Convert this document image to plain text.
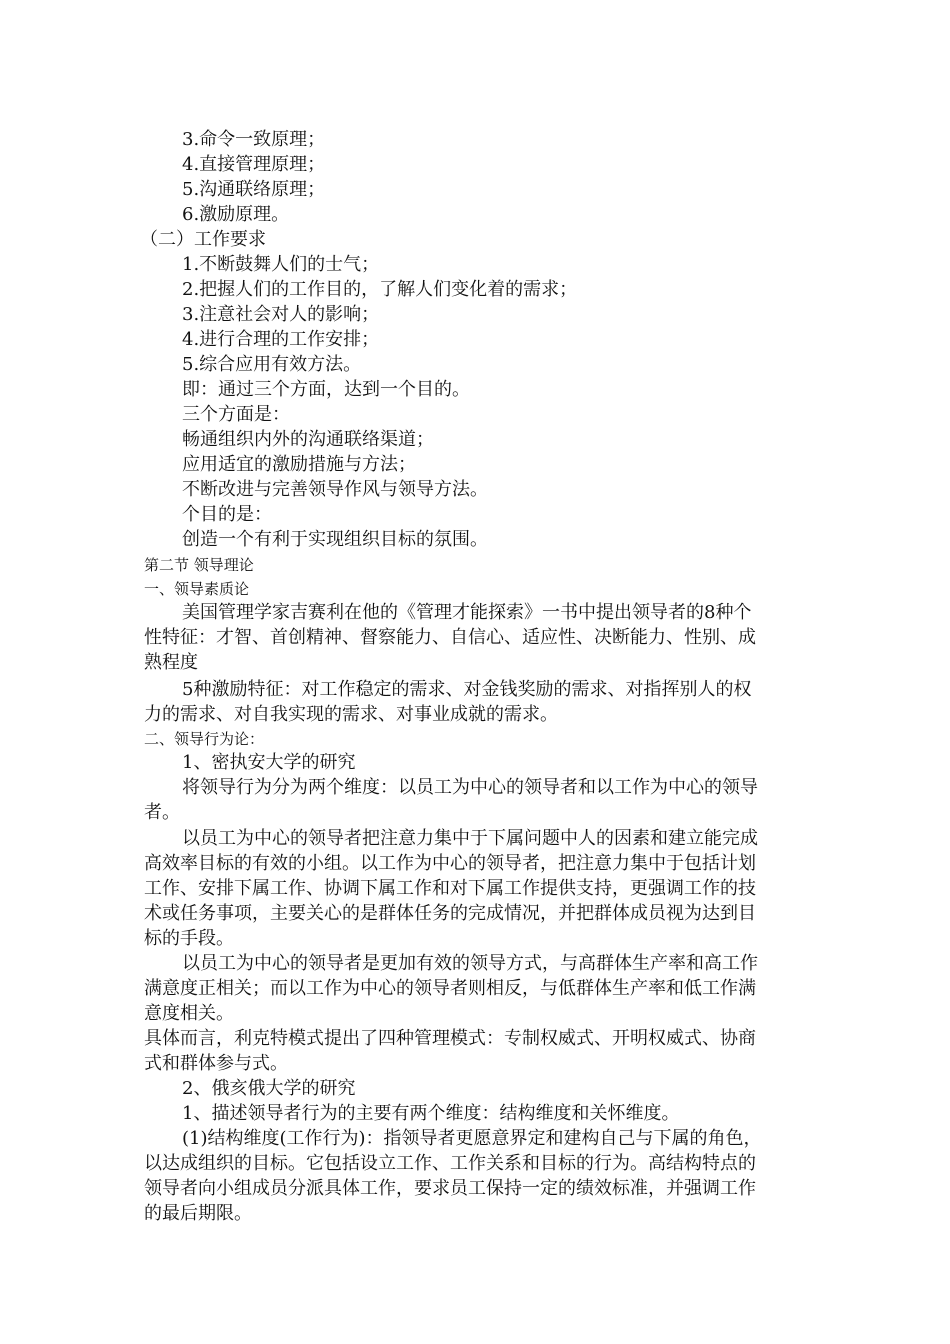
3.命令一致原理；
4.直接管理原理；
5.沟通联络原理；
6.激励原理。
（二）工作要求
1.不断鼓舞人们的士气；
2.把握人们的工作目的，了解人们变化着的需求；
3.注意社会对人的影响；
4.进行合理的工作安排；
5.综合应用有效方法。
即：通过三个方面，达到一个目的。
三个方面是：
畅通组织内外的沟通联络渠道；
应用适宜的激励措施与方法；
不断改进与完善领导作风与领导方法。
个目的是：
创造一个有利于实现组织目标的氛围。
第二节 领导理论
一、领导素质论
美国管理学家吉赛利在他的《管理才能探索》一书中提出领导者的8种个
性特征：才智、首创精神、督察能力、自信心、适应性、决断能力、性别、成
熟程度
5种激励特征：对工作稳定的需求、对金钱奖励的需求、对指挥别人的权
力的需求、对自我实现的需求、对事业成就的需求。
二、领导行为论：
1、密执安大学的研究
将领导行为分为两个维度：以员工为中心的领导者和以工作为中心的领导
者。
以员工为中心的领导者把注意力集中于下属问题中人的因素和建立能完成
高效率目标的有效的小组。以工作为中心的领导者，把注意力集中于包括计划
工作、安排下属工作、协调下属工作和对下属工作提供支持，更强调工作的技
术或任务事项，主要关心的是群体任务的完成情况，并把群体成员视为达到目
标的手段。
以员工为中心的领导者是更加有效的领导方式，与高群体生产率和高工作
满意度正相关；而以工作为中心的领导者则相反，与低群体生产率和低工作满
意度相关。
具体而言，利克特模式提出了四种管理模式：专制权威式、开明权威式、协商
式和群体参与式。
2、俄亥俄大学的研究
1、描述领导者行为的主要有两个维度：结构维度和关怀维度。
(1)结构维度(工作行为)：指领导者更愿意界定和建构自己与下属的角色，
以达成组织的目标。它包括设立工作、工作关系和目标的行为。高结构特点的
领导者向小组成员分派具体工作，要求员工保持一定的绩效标准，并强调工作
的最后期限。
